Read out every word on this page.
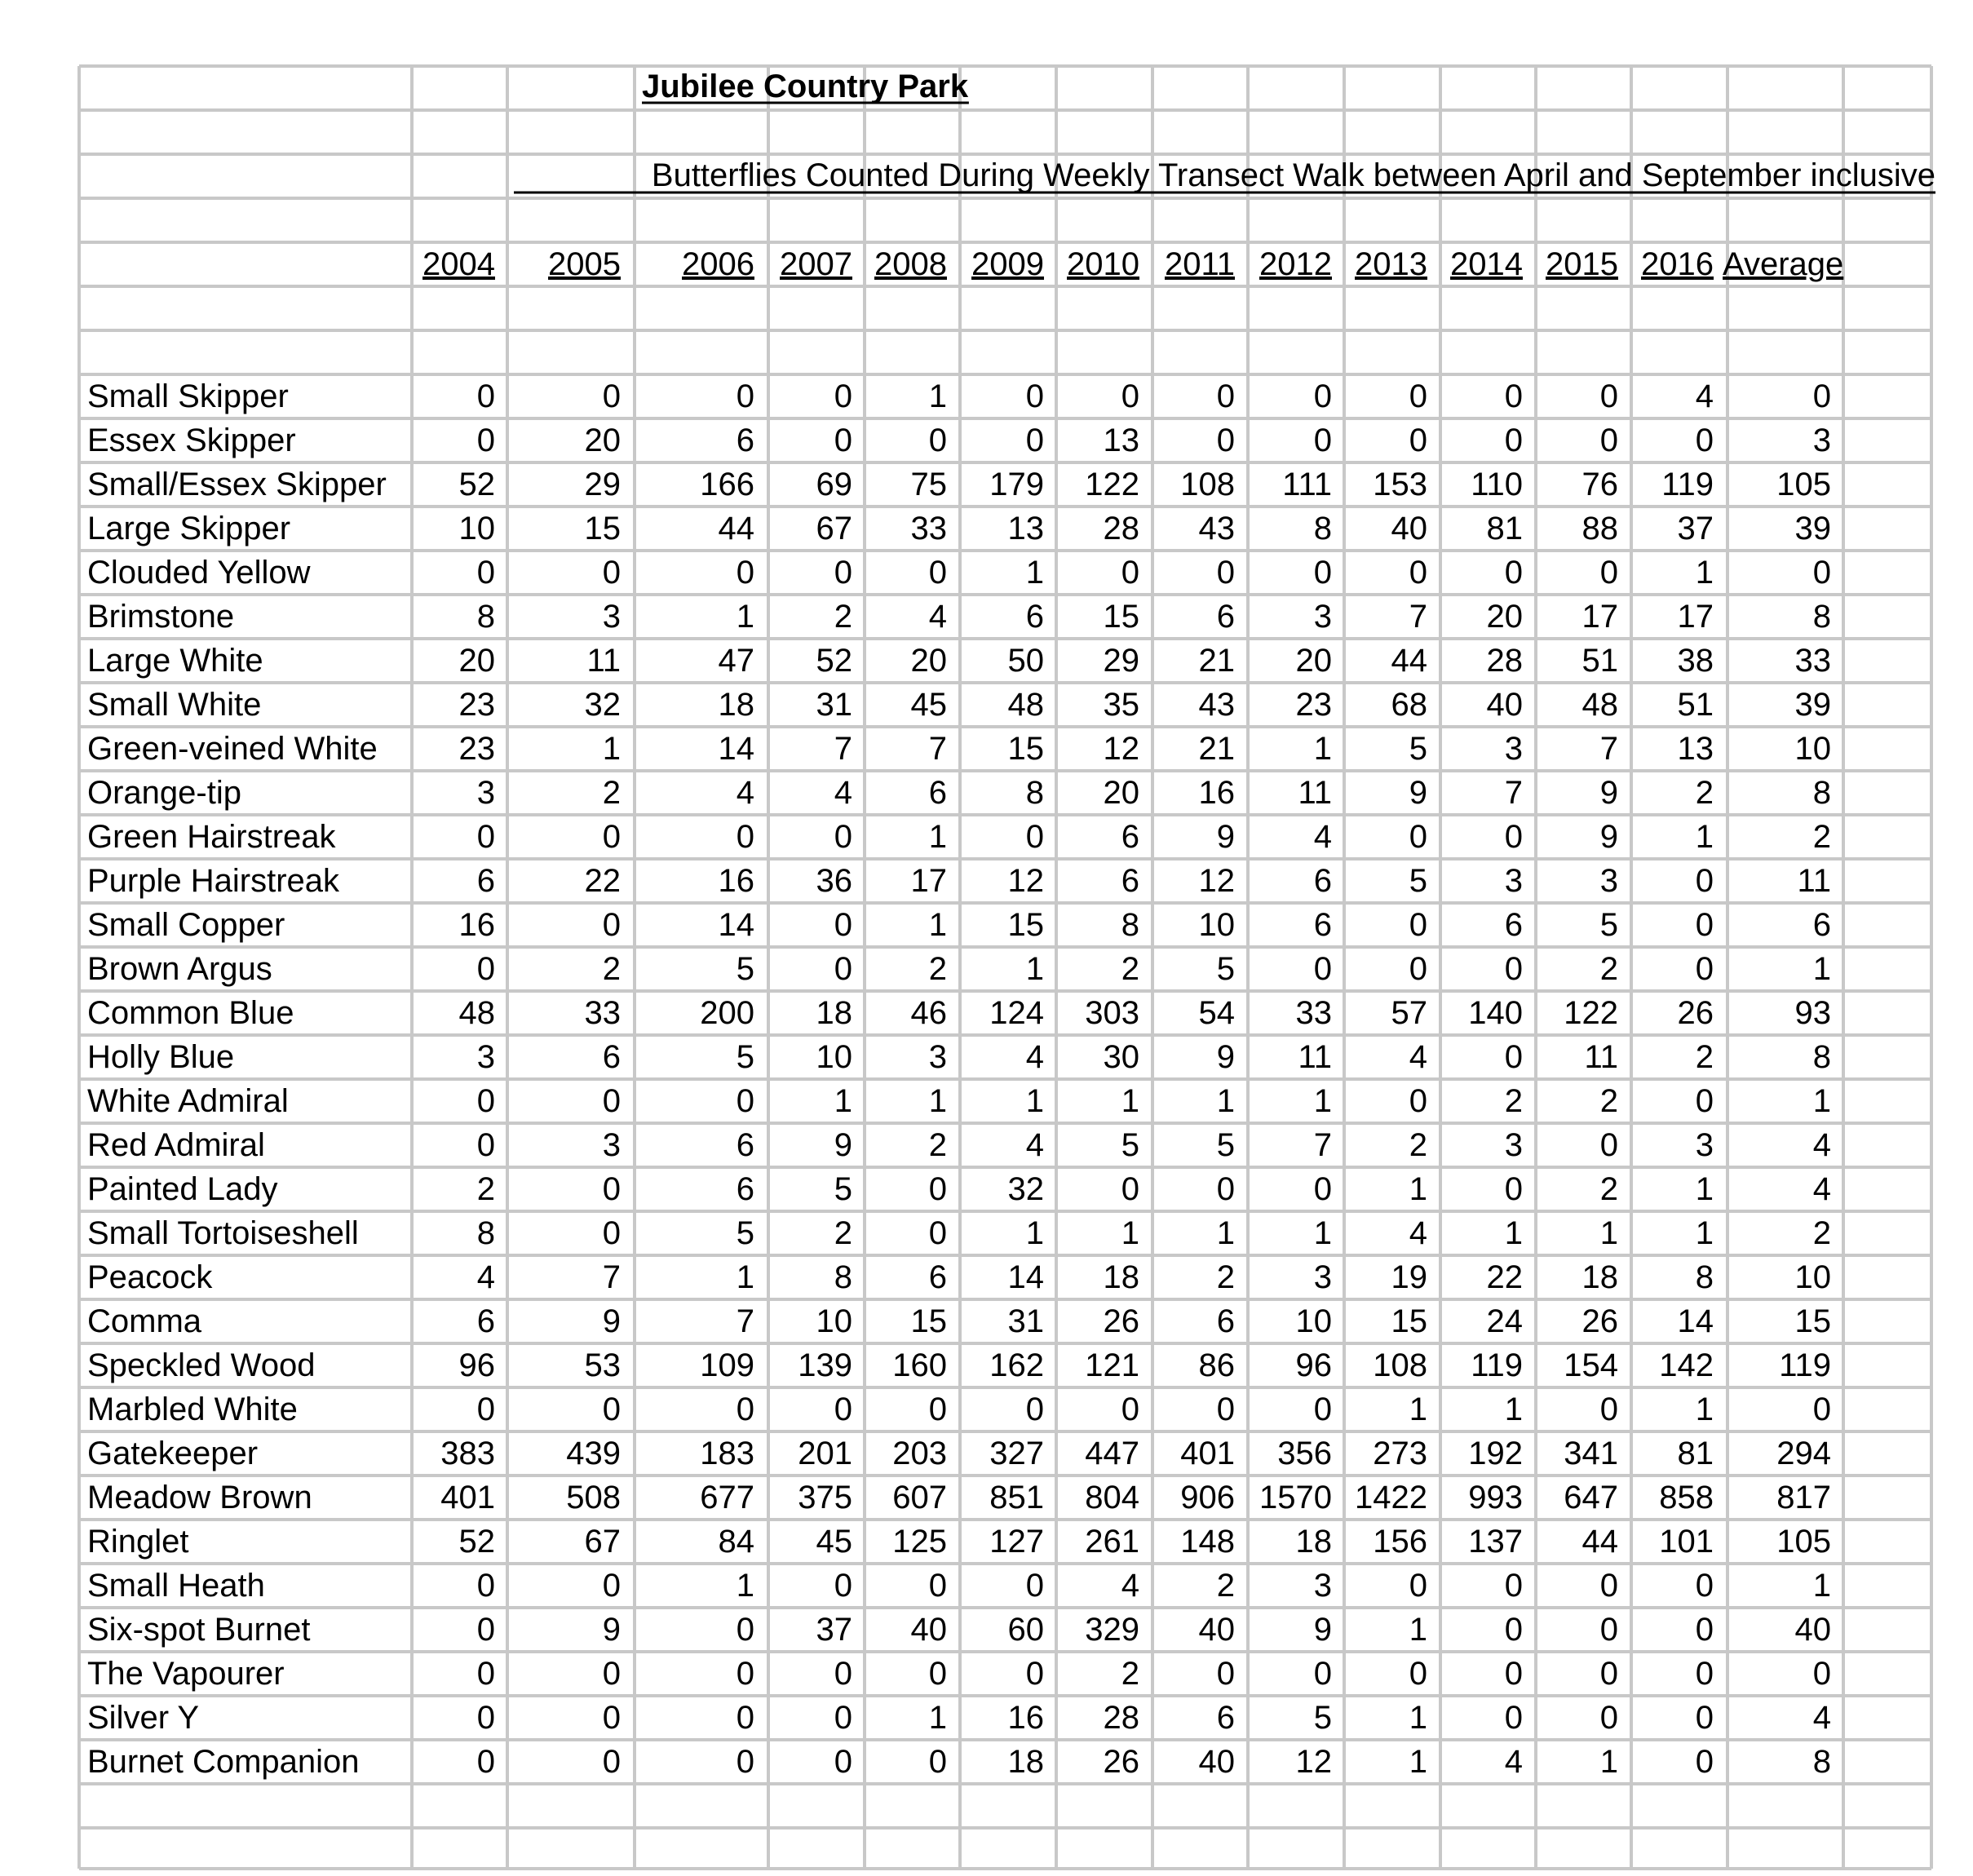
Jubilee Country Park
Butterflies Counted During Weekly Transect Walk between April and September inclusive
2004 2005 2006 2007 2008 2009 2010 2011 2012 2013 2014 2015 2016 Average
Small Skipper	0	0	0 0 1 0 0 0 0 0 0 0 4	0
Essex Skipper	0	20	6 0 0 0 13 0 0 0 0 0 0	3
Small/Essex Skipper 52	29 166 69 75 179 122 108 111 153 110 76 119 105
Large Skipper	10	15	44 67 33 13 28 43 8 40 81 88 37 39
Clouded Yellow	0	0	0 0 0 1 0 0 0 0 0 0 1	0
Brimstone	8	3	1 2 4 6 15 6 3 7 20 17 17	8
Large White	20	11	47 52 20 50 29 21 20 44 28 51 38 33
Small White	23	32	18 31 45 48 35 43 23 68 40 48 51 39
Green-veined White 23	1	14 7 7 15 12 21 1 5 3 7 13 10
Orange-tip	3	2	4 4 6 8 20 16 11 9 7 9 2	8
Green Hairstreak	0	0	0 0 1 0 6 9 4 0 0 9 1	2
Purple Hairstreak	6	22	16 36 17 12 6 12 6 5 3 3 0	11
Small Copper	16	0	14 0 1 15 8 10 6 0 6 5 0	6
Brown Argus	0	2	5 0 2 1 2 5 0 0 0 2 0	1
Common Blue	48	33 200 18 46 124 303 54 33 57 140 122 26 93
Holly Blue	3	6	5 10 3 4 30 9 11 4 0 11 2	8
White Admiral	0	0	0 1 1 1 1 1 1 0 2 2 0	1
Red Admiral	0	3	6 9 2 4 5 5 7 2 3 0 3	4
Painted Lady	2	0	6 5 0 32 0 0 0 1 0 2 1	4
Small Tortoiseshell	8	0	5 2 0 1 1 1 1 4 1 1 1	2
Peacock	4	7	1 8 6 14 18 2 3 19 22 18 8 10
Comma	6	9	7 10 15 31 26 6 10 15 24 26 14 15
Speckled Wood	96	53 109 139 160 162 121 86 96 108 119 154 142 119
Marbled White	0	0	0 0 0 0 0 0 0 1 1 0 1	0
Gatekeeper	383 439 183 201 203 327 447 401 356 273 192 341 81 294
Meadow Brown	401 508 677 375 607 851 804 906 1570 1422 993 647 858 817
Ringlet	52	67	84 45 125 127 261 148 18 156 137 44 101 105
Small Heath	0	0	1 0 0 0 4 2 3 0 0 0 0	1
Six-spot Burnet	0	9	0 37 40 60 329 40 9 1 0 0 0 40
The Vapourer	0	0	0 0 0 0 2 0 0 0 0 0 0	0
Silver Y	0	0	0 0 1 16 28 6 5 1 0 0 0	4
Burnet Companion	0	0	0 0 0 18 26 40 12 1 4 1 0	8
